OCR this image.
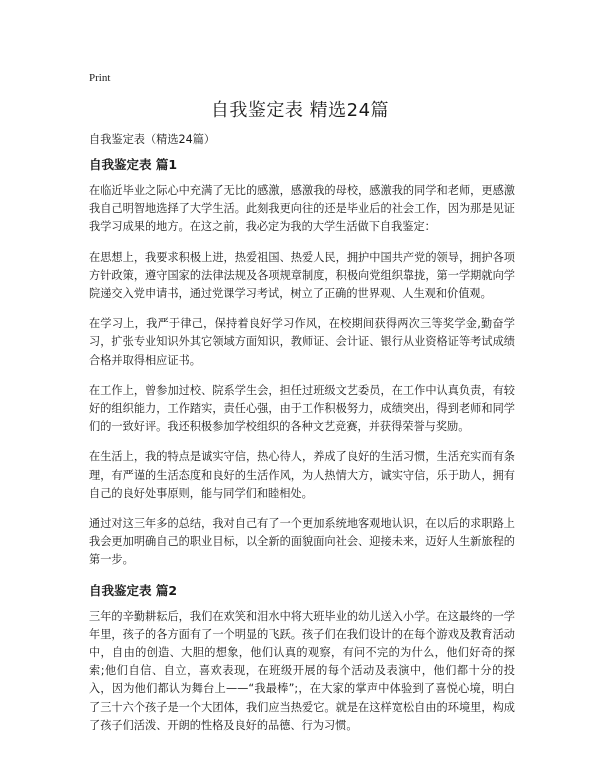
Print
自我鉴定表 精选24篇

自我鉴定表（精选24篇）

自我鉴定表 篇1

在临近毕业之际心中充满了无比的感激，感激我的母校，感激我的同学和老师，更感激我自己明智地选择了大学生活。此刻我更向往的还是毕业后的社会工作，因为那是见证我学习成果的地方。在这之前，我必定为我的大学生活做下自我鉴定：

在思想上，我要求积极上进，热爱祖国、热爱人民，拥护中国共产党的领导，拥护各项方针政策，遵守国家的法律法规及各项规章制度，积极向党组织靠拢，第一学期就向学院递交入党申请书，通过党课学习考试，树立了正确的世界观、人生观和价值观。

在学习上，我严于律己，保持着良好学习作风，在校期间获得两次三等奖学金,勤奋学习，扩张专业知识外其它领域方面知识，教师证、会计证、银行从业资格证等考试成绩合格并取得相应证书。

在工作上，曾参加过校、院系学生会，担任过班级文艺委员，在工作中认真负责，有较好的组织能力，工作踏实，责任心强，由于工作积极努力，成绩突出，得到老师和同学们的一致好评。我还积极参加学校组织的各种文艺竞赛，并获得荣誉与奖励。

在生活上，我的特点是诚实守信，热心待人，养成了良好的生活习惯，生活充实而有条理，有严谨的生活态度和良好的生活作风，为人热情大方，诚实守信，乐于助人，拥有自己的良好处事原则，能与同学们和睦相处。

通过对这三年多的总结，我对自己有了一个更加系统地客观地认识，在以后的求职路上我会更加明确自己的职业目标，以全新的面貌面向社会、迎接未来，迈好人生新旅程的第一步。

自我鉴定表 篇2

三年的辛勤耕耘后，我们在欢笑和泪水中将大班毕业的幼儿送入小学。在这最终的一学年里，孩子的各方面有了一个明显的飞跃。孩子们在我们设计的在每个游戏及教育活动中，自由的创造、大胆的想象，他们认真的观察，有问不完的为什么，他们好奇的探索;他们自信、自立，喜欢表现，在班级开展的每个活动及表演中，他们都十分的投入，因为他们都认为舞台上——“我最棒”;，在大家的掌声中体验到了喜悦心境，明白了三十六个孩子是一个大团体，我们应当热爱它。就是在这样宽松自由的环境里，构成了孩子们活泼、开朗的性格及良好的品德、行为习惯。
